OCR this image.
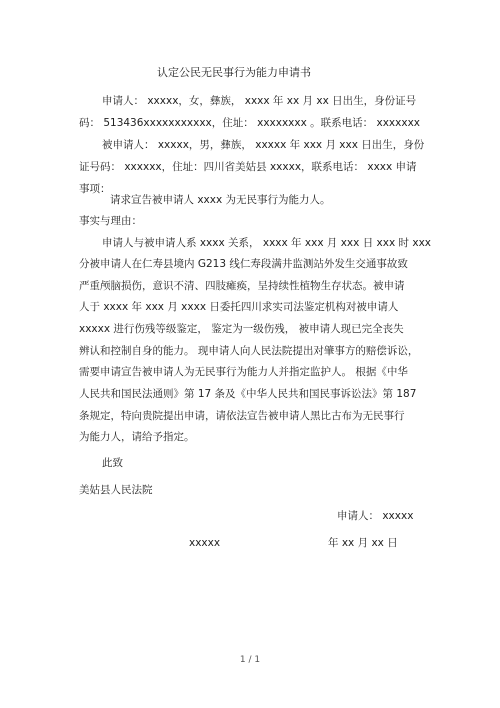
认定公民无民事行为能力申请书
申请人： xxxxx，女，彝族， xxxx 年 xx 月 xx 日出生，身份证号
码： 513436xxxxxxxxxxx，住址： xxxxxxxx 。联系电话： xxxxxxx
被申请人： xxxxx，男，彝族， xxxxx 年 xxx 月 xxx 日出生，身份
证号码： xxxxxx，住址：四川省美姑县 xxxxx，联系电话： xxxx 申请
事项：
请求宣告被申请人 xxxx 为无民事行为能力人。
事实与理由：
申请人与被申请人系 xxxx 关系， xxxx 年 xxx 月 xxx 日 xxx 时 xxx
分被申请人在仁寿县境内 G213 线仁寿段满井监测站外发生交通事故致
严重颅脑损伤，意识不清、四肢瘫痪，呈持续性植物生存状态。被申请
人于 xxxx 年 xxx 月 xxxx 日委托四川求实司法鉴定机构对被申请人
xxxxx 进行伤残等级鉴定， 鉴定为一级伤残， 被申请人现已完全丧失
辨认和控制自身的能力。 现申请人向人民法院提出对肇事方的赔偿诉讼，
需要申请宣告被申请人为无民事行为能力人并指定监护人。 根据《中华
人民共和国民法通则》第 17 条及《中华人民共和国民事诉讼法》第 187
条规定，特向贵院提出申请，请依法宣告被申请人黑比古布为无民事行
为能力人，请给予指定。
此致
美姑县人民法院
申请人： xxxxx
xxxxx	年 xx 月 xx 日
1 / 1
